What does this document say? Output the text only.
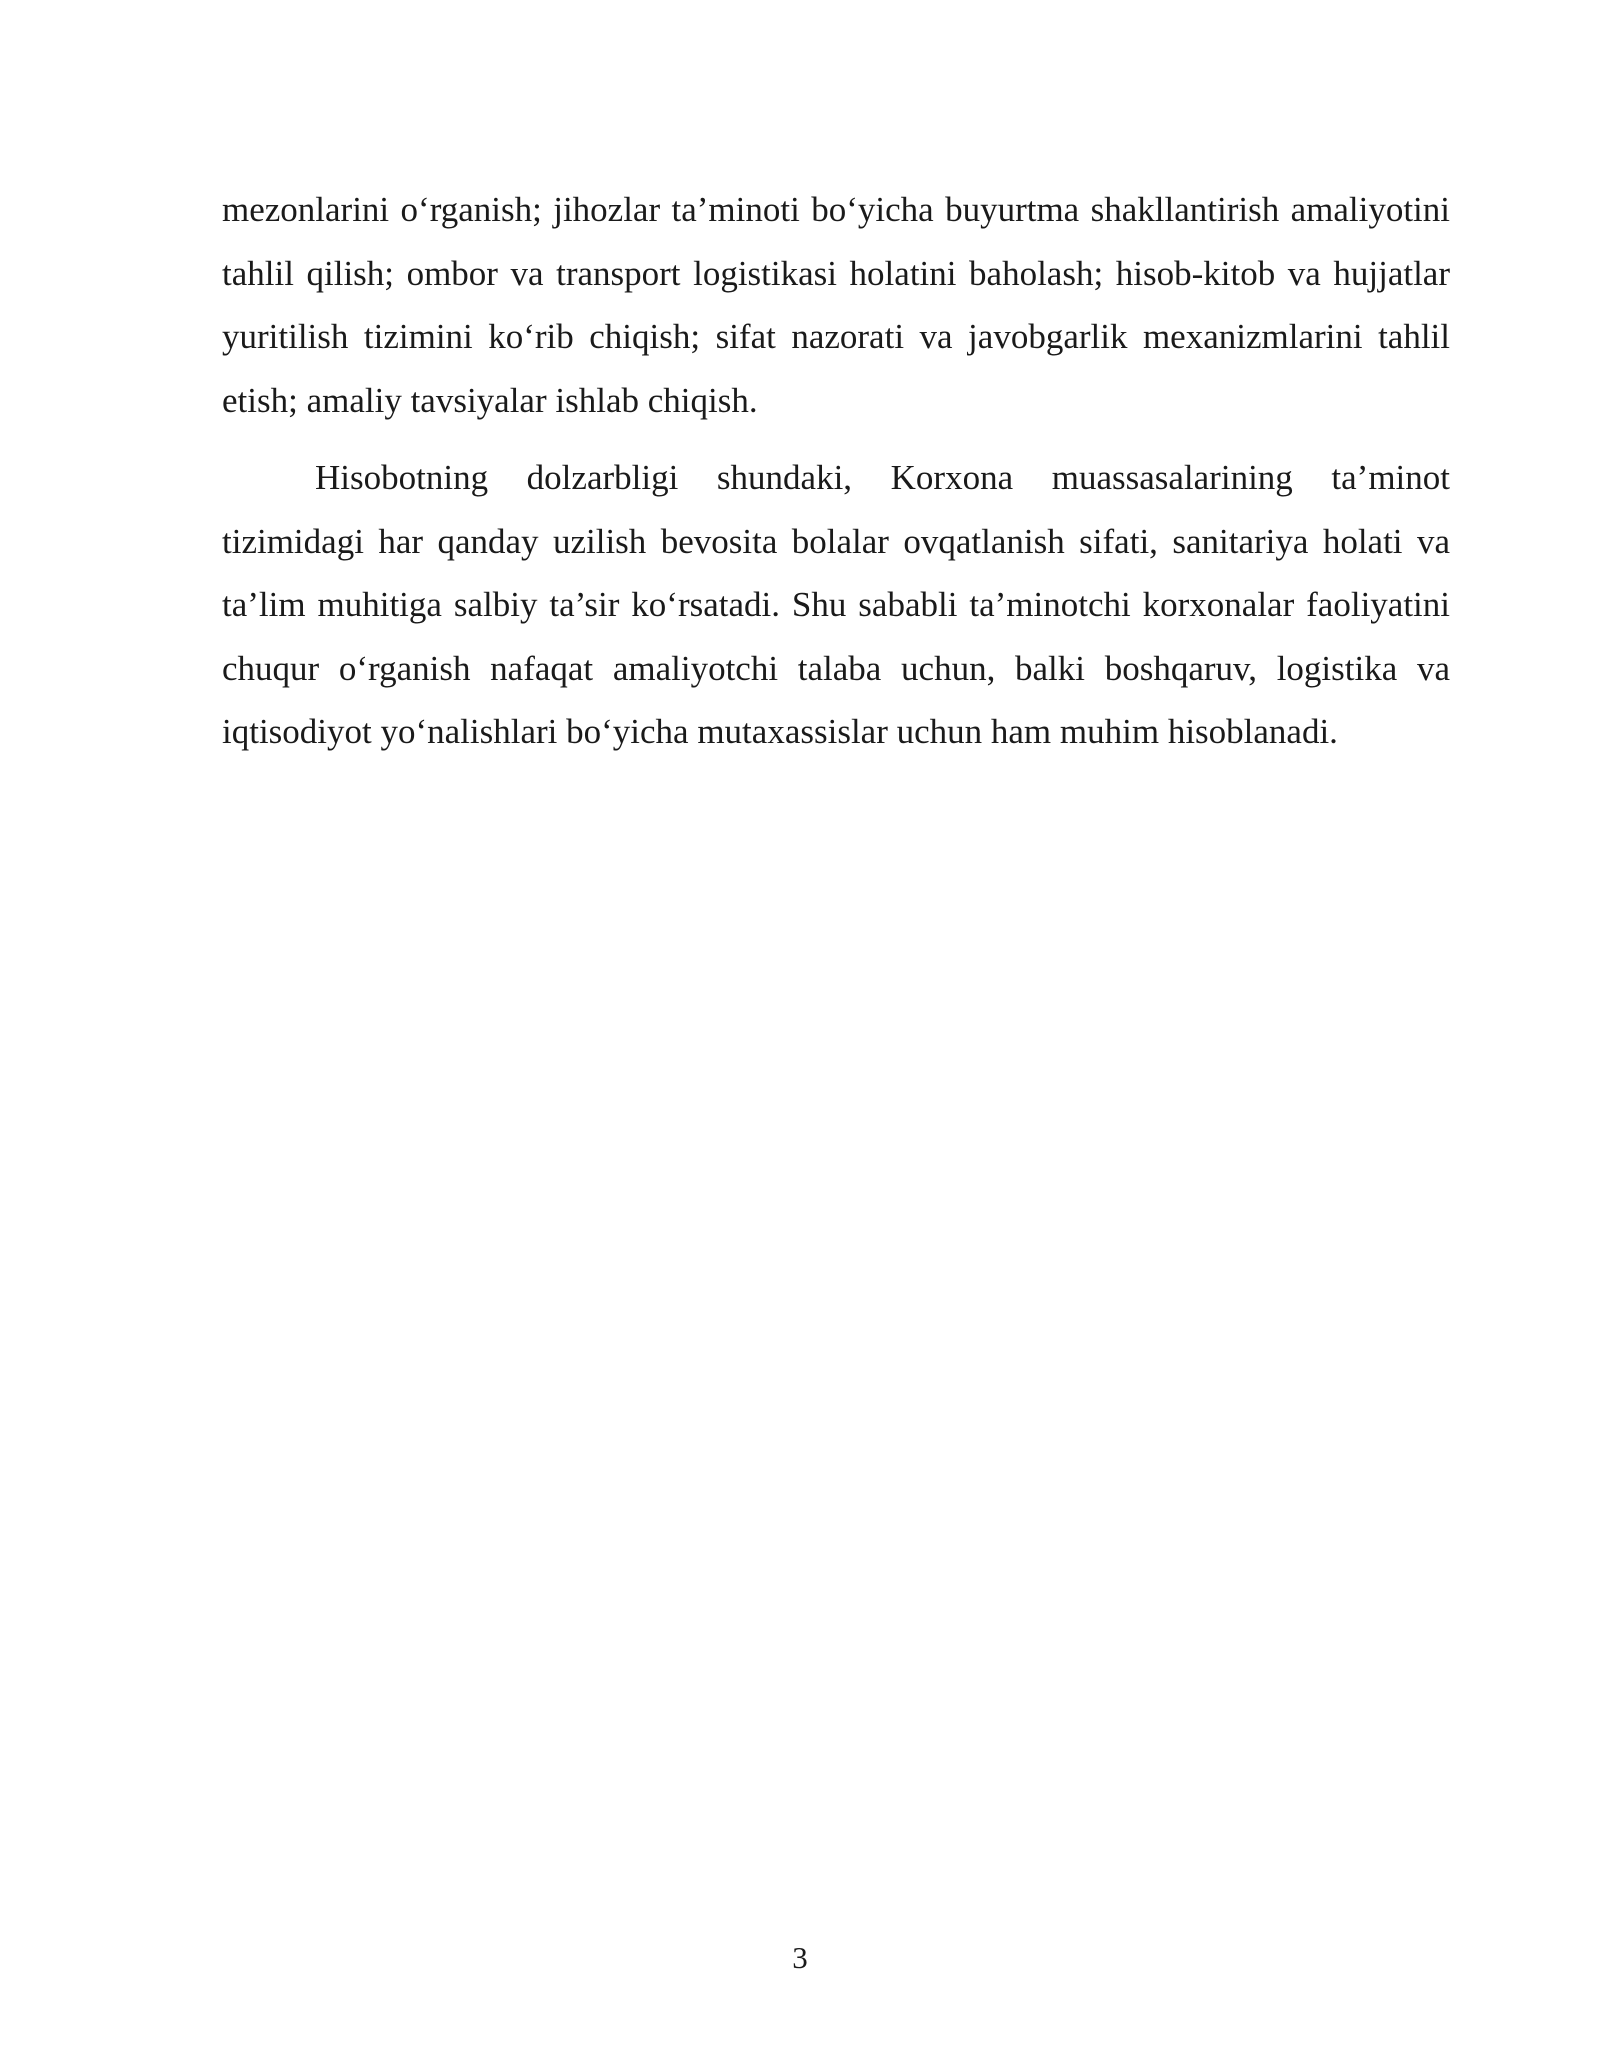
mezonlarini o‘rganish; jihozlar ta’minoti bo‘yicha buyurtma shakllantirish amaliyotini tahlil qilish; ombor va transport logistikasi holatini baholash; hisob-kitob va hujjatlar yuritilish tizimini ko‘rib chiqish; sifat nazorati va javobgarlik mexanizmlarini tahlil etish; amaliy tavsiyalar ishlab chiqish.

Hisobotning dolzarbligi shundaki, Korxona muassasalarining ta’minot tizimidagi har qanday uzilish bevosita bolalar ovqatlanish sifati, sanitariya holati va ta’lim muhitiga salbiy ta’sir ko‘rsatadi. Shu sababli ta’minotchi korxonalar faoliyatini chuqur o‘rganish nafaqat amaliyotchi talaba uchun, balki boshqaruv, logistika va iqtisodiyot yo‘nalishlari bo‘yicha mutaxassislar uchun ham muhim hisoblanadi.

3
